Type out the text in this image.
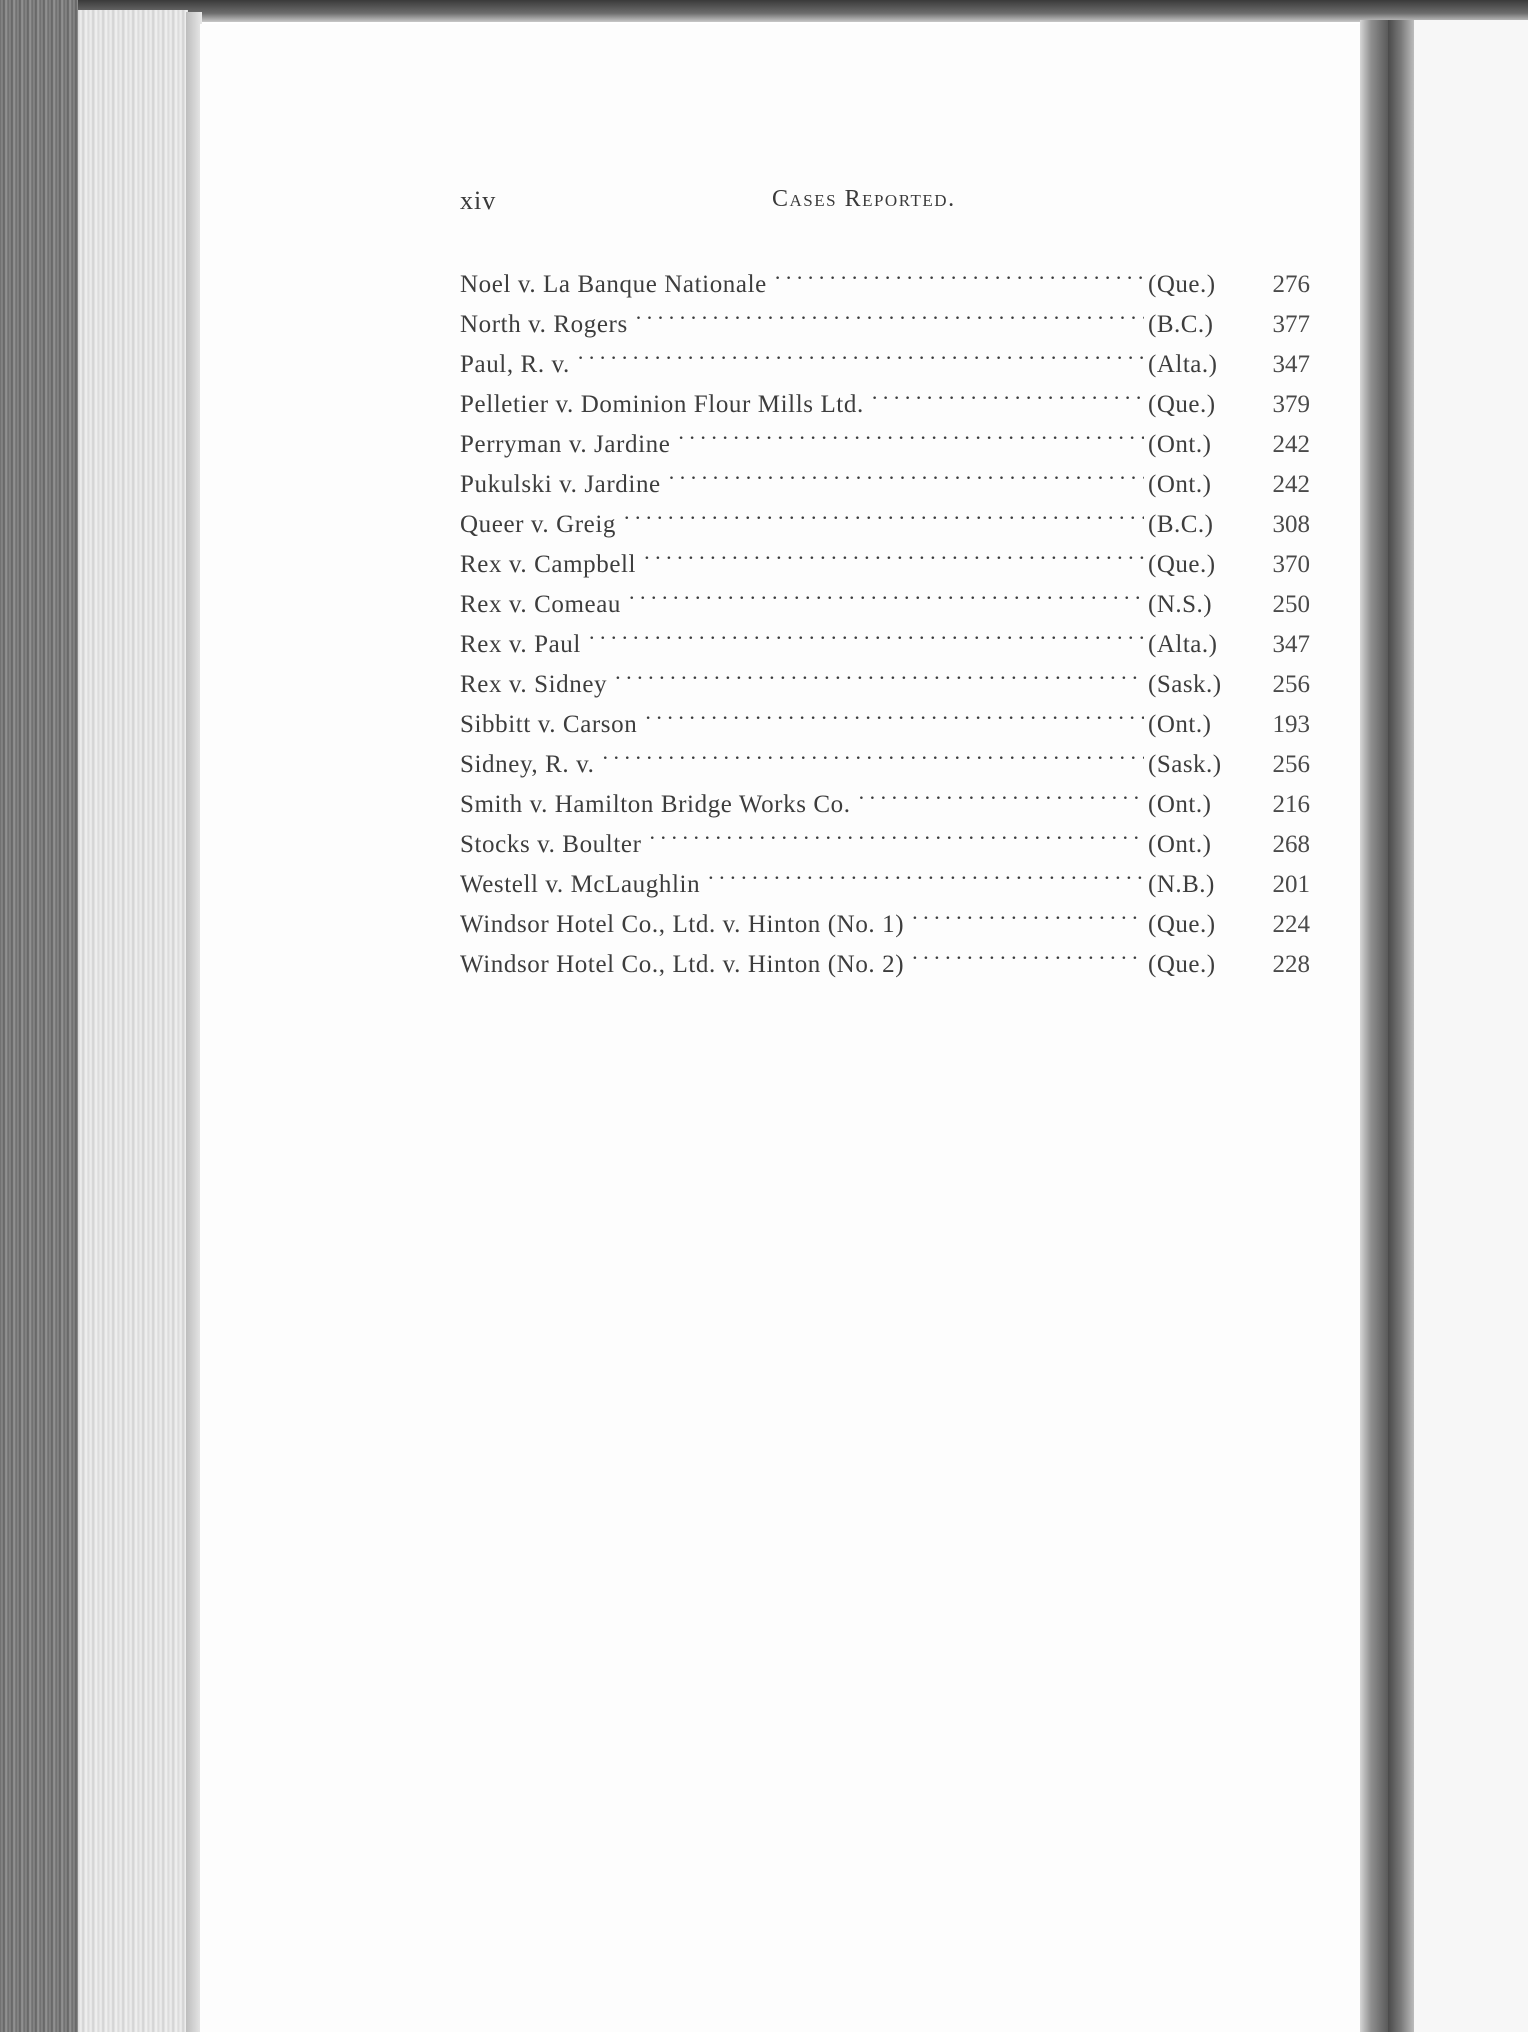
xiv	Cases Reported.
Noel v. La Banque Nationale . . .	(Que.)	276
North v. Rogers . . .	(B.C.)	377
Paul, R. v. . . .	(Alta.)	347
Pelletier v. Dominion Flour Mills Ltd. . . .	(Que.)	379
Perryman v. Jardine . . .	(Ont.)	242
Pukulski v. Jardine . . .	(Ont.)	242
Queer v. Greig . . .	(B.C.)	308
Rex v. Campbell . . .	(Que.)	370
Rex v. Comeau . . .	(N.S.)	250
Rex v. Paul . . .	(Alta.)	347
Rex v. Sidney . . .	(Sask.)	256
Sibbitt v. Carson . . .	(Ont.)	193
Sidney, R. v. . . .	(Sask.)	256
Smith v. Hamilton Bridge Works Co. . . .	(Ont.)	216
Stocks v. Boulter . . .	(Ont.)	268
Westell v. McLaughlin . . .	(N.B.)	201
Windsor Hotel Co., Ltd. v. Hinton (No. 1) . . .	(Que.)	224
Windsor Hotel Co., Ltd. v. Hinton (No. 2) . . .	(Que.)	228
